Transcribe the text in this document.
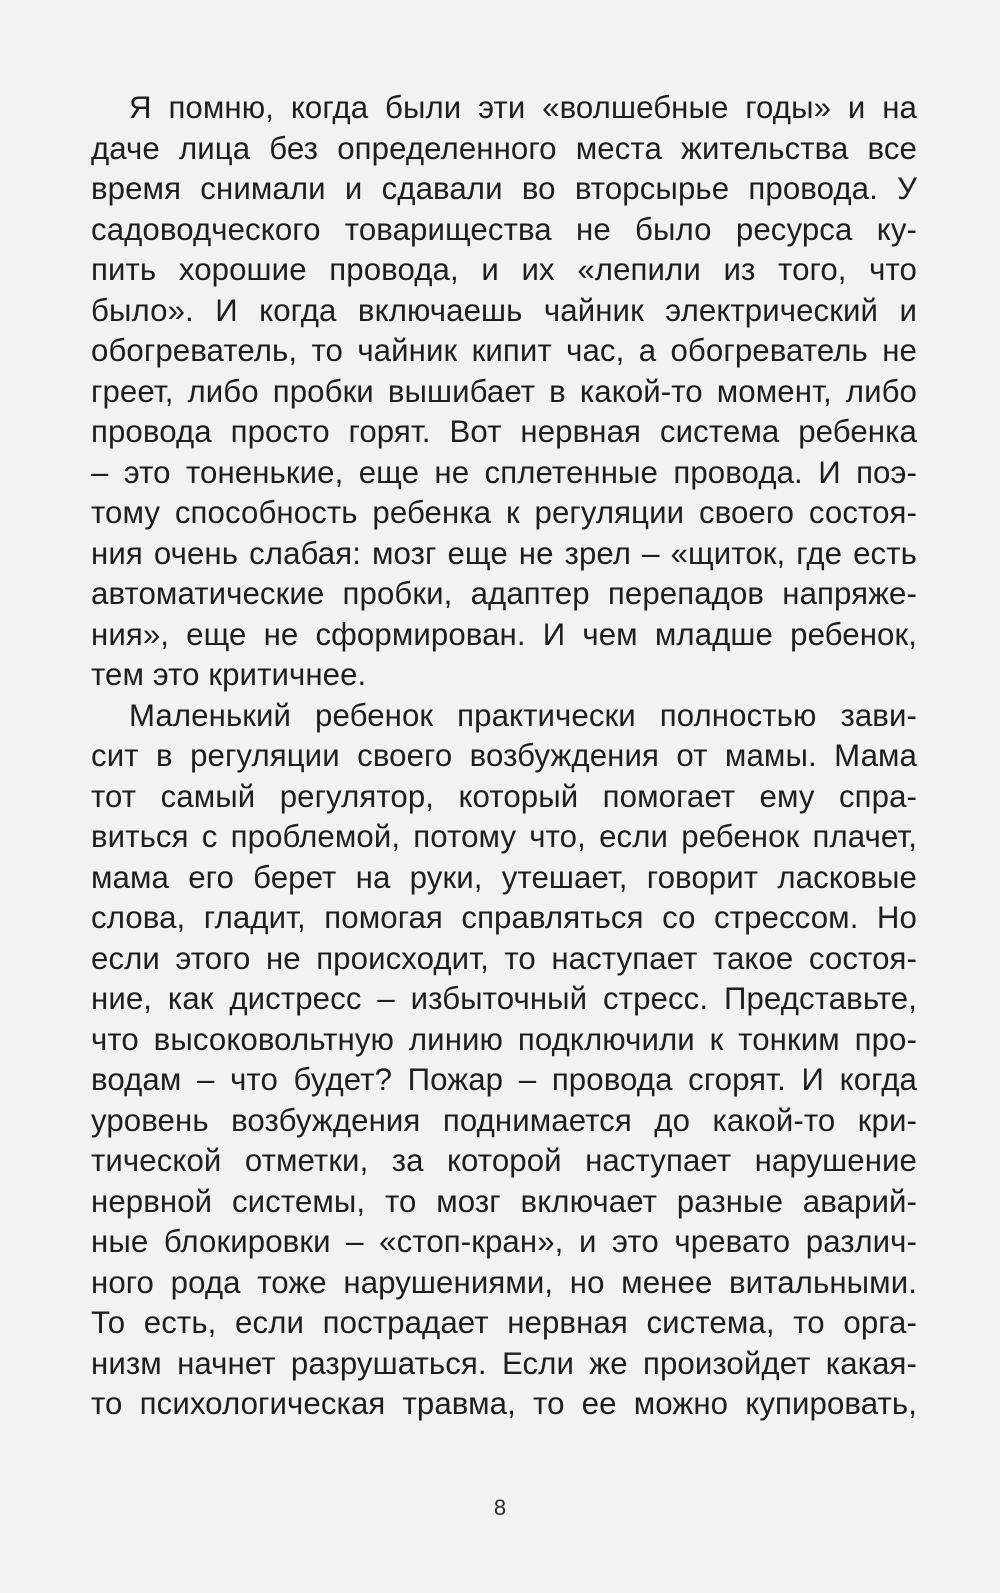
Я помню, когда были эти «волшебные годы» и на
даче лица без определенного места жительства все
время снимали и сдавали во вторсырье провода. У
садоводческого товарищества не было ресурса ку-
пить хорошие провода, и их «лепили из того, что
было». И когда включаешь чайник электрический и
обогреватель, то чайник кипит час, а обогреватель не
греет, либо пробки вышибает в какой-то момент, либо
провода просто горят. Вот нервная система ребенка
– это тоненькие, еще не сплетенные провода. И поэ-
тому способность ребенка к регуляции своего состоя-
ния очень слабая: мозг еще не зрел – «щиток, где есть
автоматические пробки, адаптер перепадов напряже-
ния», еще не сформирован. И чем младше ребенок,
тем это критичнее.
Маленький ребенок практически полностью зави-
сит в регуляции своего возбуждения от мамы. Мама
тот самый регулятор, который помогает ему спра-
виться с проблемой, потому что, если ребенок плачет,
мама его берет на руки, утешает, говорит ласковые
слова, гладит, помогая справляться со стрессом. Но
если этого не происходит, то наступает такое состоя-
ние, как дистресс – избыточный стресс. Представьте,
что высоковольтную линию подключили к тонким про-
водам – что будет? Пожар – провода сгорят. И когда
уровень возбуждения поднимается до какой-то кри-
тической отметки, за которой наступает нарушение
нервной системы, то мозг включает разные аварий-
ные блокировки – «стоп-кран», и это чревато различ-
ного рода тоже нарушениями, но менее витальными.
То есть, если пострадает нервная система, то орга-
низм начнет разрушаться. Если же произойдет какая-
то психологическая травма, то ее можно купировать,
8
